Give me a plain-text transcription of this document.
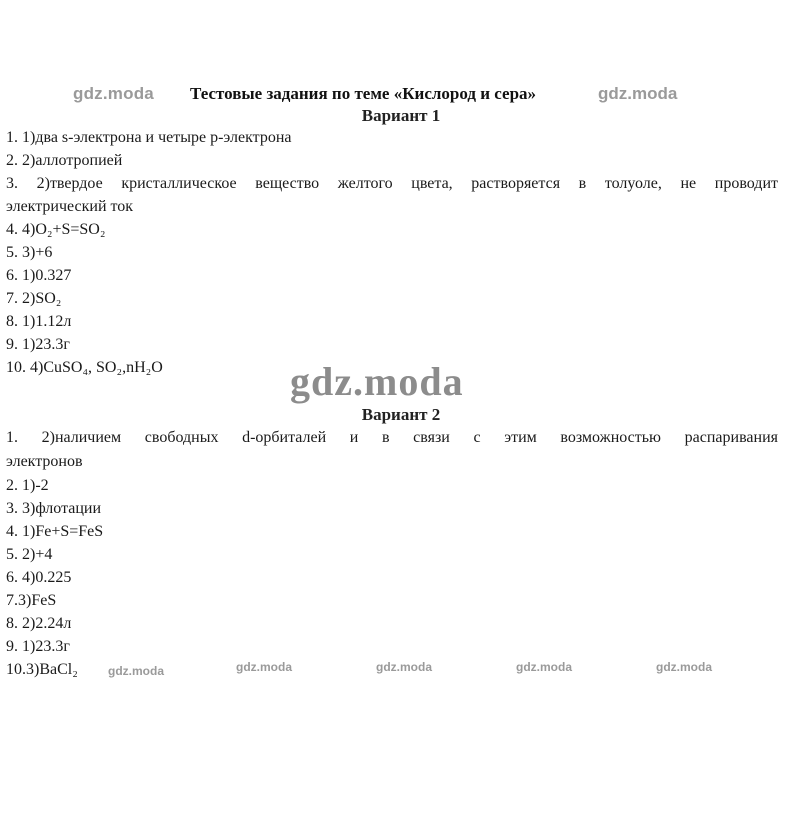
gdz.moda Тестовые задания по теме «Кислород и сера»	gdz.moda
Вариант 1
1. 1)два s-электрона и четыре p-электрона
2. 2)аллотропией
3. 2)твердое кристаллическое вещество желтого цвета, растворяется в толуоле, не проводит
электрический ток
4. 4)O₂+S=SO₂
5. 3)+6
6. 1)0.327
7. 2)SO₂
8. 1)1.12л
9. 1)23.3г
10. 4)CuSO₄, SO₂,nH₂O	gdz.moda
Вариант 2
1. 2)наличием свободных d-орбиталей и в связи с этим возможностью распаривания
электронов
2. 1)-2
3. 3)флотации
4. 1)Fe+S=FeS
5. 2)+4
6. 4)0.225
7.3)FeS
8. 2)2.24л
9. 1)23.3г
10.3)BaCl₂	gdz.moda	gdz.moda	gdz.moda	gdz.moda	gdz.moda
